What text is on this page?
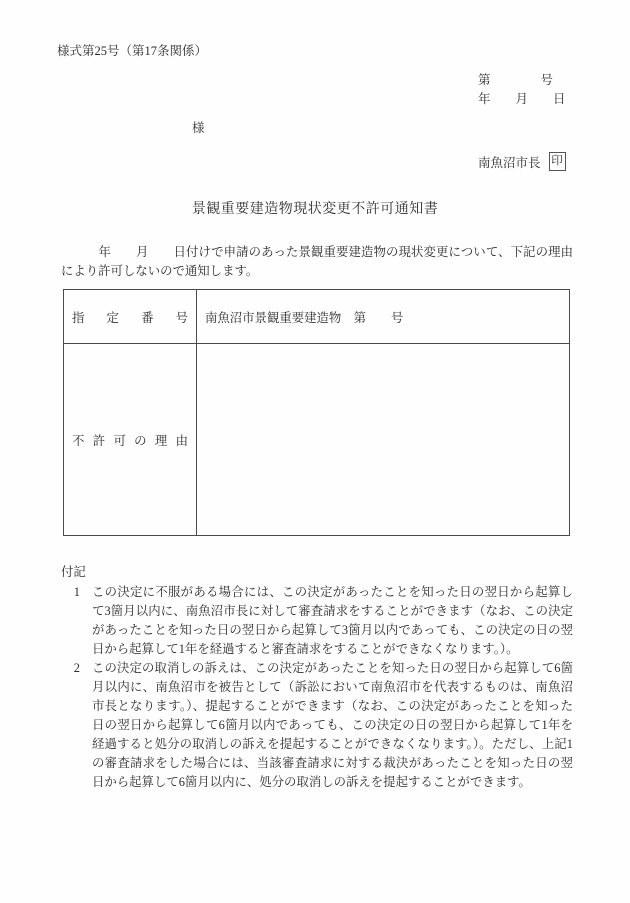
様式第25号（第17条関係）
第　　　　号
年　　月　　日
様
南魚沼市長 印
景観重要建造物現状変更不許可通知書
　　　年　　月　　日付けで申請のあった景観重要建造物の現状変更について、下記の理由により許可しないので通知します。
指定番号	南魚沼市景観重要建造物　第　　号

不許可の理由	

付記
1 この決定に不服がある場合には、この決定があったことを知った日の翌日から起算して3箇月以内に、南魚沼市長に対して審査請求をすることができます（なお、この決定があったことを知った日の翌日から起算して3箇月以内であっても、この決定の日の翌日から起算して1年を経過すると審査請求をすることができなくなります。）。
2 この決定の取消しの訴えは、この決定があったことを知った日の翌日から起算して6箇月以内に、南魚沼市を被告として（訴訟において南魚沼市を代表するものは、南魚沼市長となります。）、提起することができます（なお、この決定があったことを知った日の翌日から起算して6箇月以内であっても、この決定の日の翌日から起算して1年を経過すると処分の取消しの訴えを提起することができなくなります。）。ただし、上記1の審査請求をした場合には、当該審査請求に対する裁決があったことを知った日の翌日から起算して6箇月以内に、処分の取消しの訴えを提起することができます。
